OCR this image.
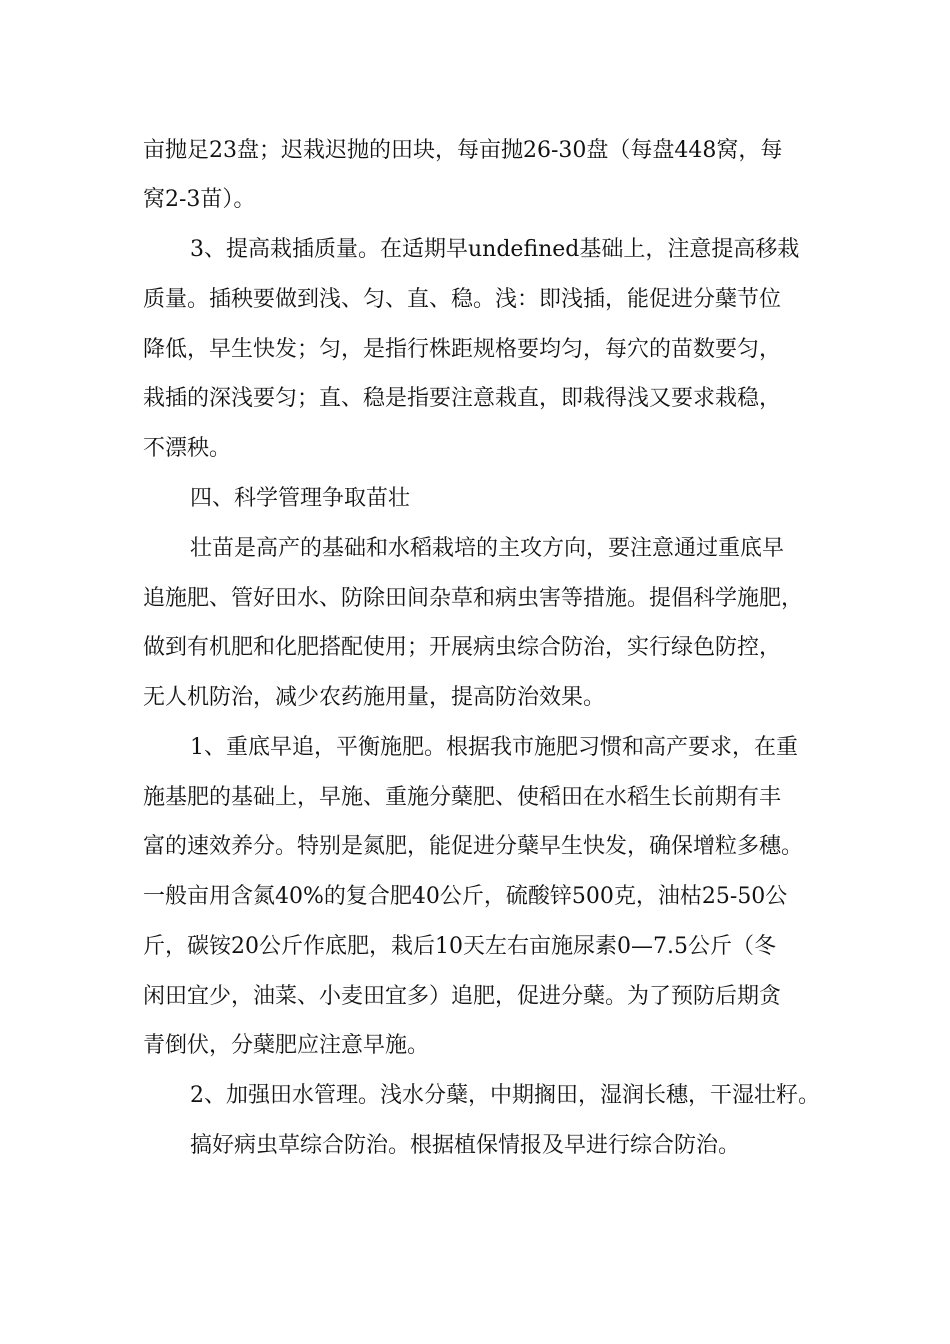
亩抛足23盘；迟栽迟抛的田块，每亩抛26-30盘（每盘448窝，每
窝2-3苗）。
3、提高栽插质量。在适期早undefined基础上，注意提高移栽
质量。插秧要做到浅、匀、直、稳。浅：即浅插，能促进分蘖节位
降低，早生快发；匀，是指行株距规格要均匀，每穴的苗数要匀，
栽插的深浅要匀；直、稳是指要注意栽直，即栽得浅又要求栽稳，
不漂秧。
四、科学管理争取苗壮
壮苗是高产的基础和水稻栽培的主攻方向，要注意通过重底早
追施肥、管好田水、防除田间杂草和病虫害等措施。提倡科学施肥，
做到有机肥和化肥搭配使用；开展病虫综合防治，实行绿色防控，
无人机防治，减少农药施用量，提高防治效果。
1、重底早追，平衡施肥。根据我市施肥习惯和高产要求，在重
施基肥的基础上，早施、重施分蘖肥、使稻田在水稻生长前期有丰
富的速效养分。特别是氮肥，能促进分蘖早生快发，确保增粒多穗。
一般亩用含氮40%的复合肥40公斤，硫酸锌500克，油枯25-50公
斤，碳铵20公斤作底肥，栽后10天左右亩施尿素0—7.5公斤（冬
闲田宜少，油菜、小麦田宜多）追肥，促进分蘖。为了预防后期贪
青倒伏，分蘖肥应注意早施。
2、加强田水管理。浅水分蘖，中期搁田，湿润长穗，干湿壮籽。
搞好病虫草综合防治。根据植保情报及早进行综合防治。
